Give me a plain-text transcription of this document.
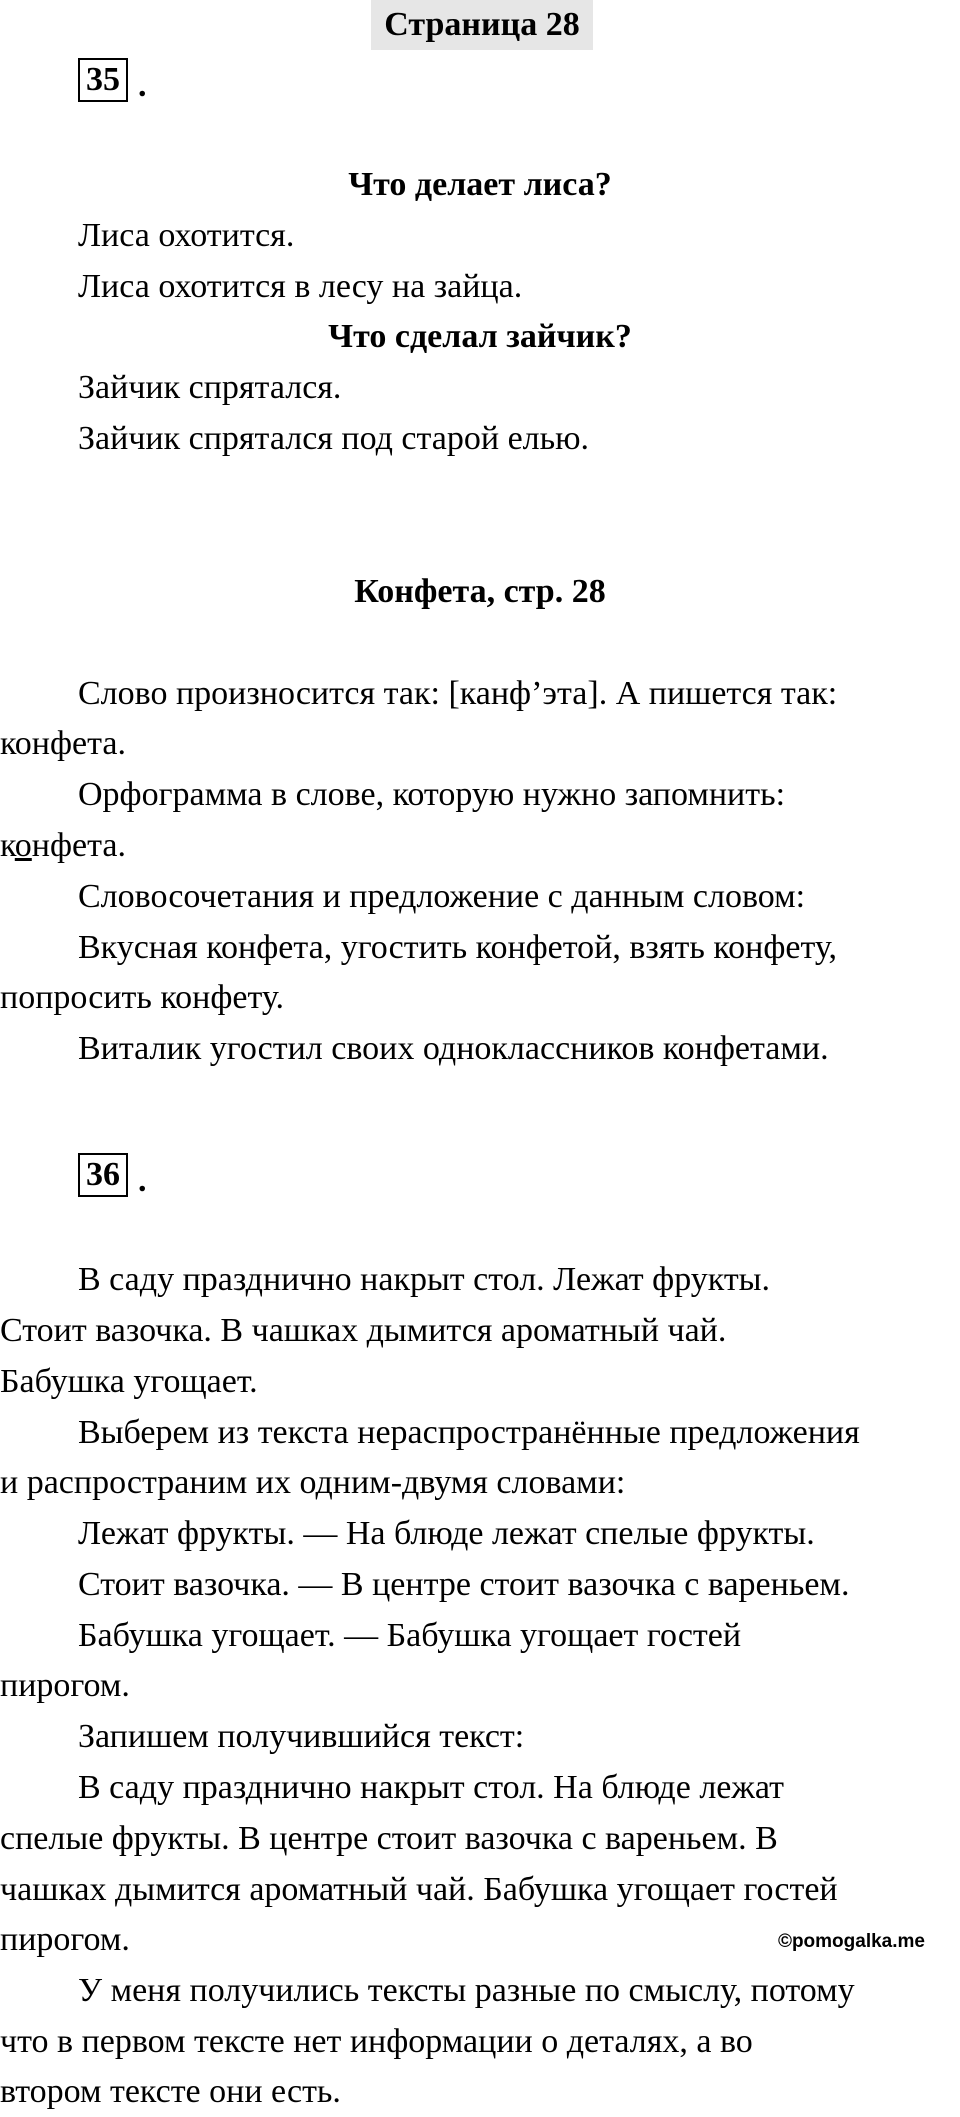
Страница 28
35 .
Что делает лиса?
Лиса охотится.
Лиса охотится в лесу на зайца.
Что сделал зайчик?
Зайчик спрятался.
Зайчик спрятался под старой елью.
Конфета, стр. 28
Слово произносится так: [канф’эта]. А пишется так:
конфета.
Орфограмма в слове, которую нужно запомнить:
конфета.
Словосочетания и предложение с данным словом:
Вкусная конфета, угостить конфетой, взять конфету,
попросить конфету.
Виталик угостил своих одноклассников конфетами.
36 .
В саду празднично накрыт стол. Лежат фрукты.
Стоит вазочка. В чашках дымится ароматный чай.
Бабушка угощает.
Выберем из текста нераспространённые предложения
и распространим их одним-двумя словами:
Лежат фрукты. — На блюде лежат спелые фрукты.
Стоит вазочка. — В центре стоит вазочка с вареньем.
Бабушка угощает. — Бабушка угощает гостей
пирогом.
Запишем получившийся текст:
В саду празднично накрыт стол. На блюде лежат
спелые фрукты. В центре стоит вазочка с вареньем. В
чашках дымится ароматный чай. Бабушка угощает гостей
пирогом.	©pomogalka.me
У меня получились тексты разные по смыслу, потому
что в первом тексте нет информации о деталях, а во
втором тексте они есть.
